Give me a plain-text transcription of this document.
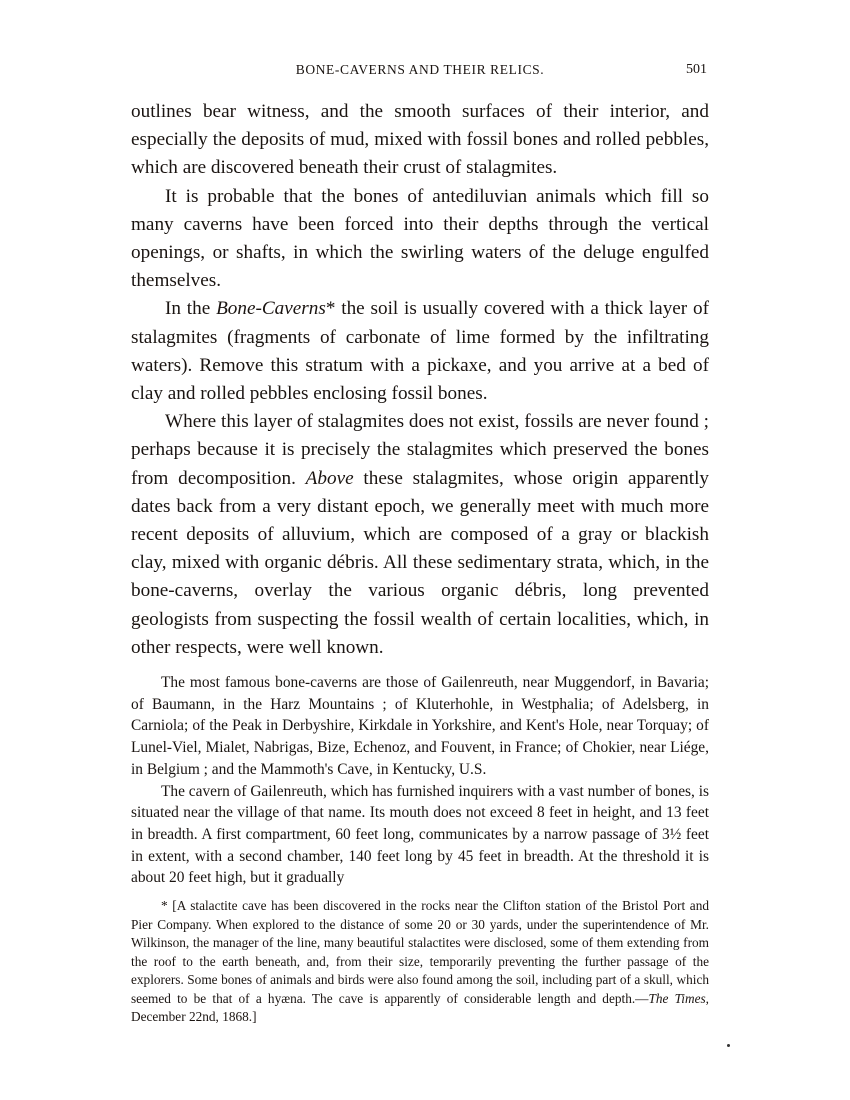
BONE-CAVERNS AND THEIR RELICS.	501

outlines bear witness, and the smooth surfaces of their interior, and especially the deposits of mud, mixed with fossil bones and rolled pebbles, which are discovered beneath their crust of stalagmites.

It is probable that the bones of antediluvian animals which fill so many caverns have been forced into their depths through the vertical openings, or shafts, in which the swirling waters of the deluge engulfed themselves.

In the Bone-Caverns* the soil is usually covered with a thick layer of stalagmites (fragments of carbonate of lime formed by the infiltrating waters). Remove this stratum with a pickaxe, and you arrive at a bed of clay and rolled pebbles enclosing fossil bones.

Where this layer of stalagmites does not exist, fossils are never found ; perhaps because it is precisely the stalagmites which preserved the bones from decomposition. Above these stalagmites, whose origin apparently dates back from a very distant epoch, we generally meet with much more recent deposits of alluvium, which are composed of a gray or blackish clay, mixed with organic débris. All these sedimentary strata, which, in the bone-caverns, overlay the various organic débris, long prevented geologists from suspecting the fossil wealth of certain localities, which, in other respects, were well known.

The most famous bone-caverns are those of Gailenreuth, near Muggendorf, in Bavaria; of Baumann, in the Harz Mountains ; of Kluterhohle, in Westphalia; of Adelsberg, in Carniola; of the Peak in Derbyshire, Kirkdale in Yorkshire, and Kent's Hole, near Torquay; of Lunel-Viel, Mialet, Nabrigas, Bize, Echenoz, and Fouvent, in France; of Chokier, near Liége, in Belgium ; and the Mammoth's Cave, in Kentucky, U.S.

The cavern of Gailenreuth, which has furnished inquirers with a vast number of bones, is situated near the village of that name. Its mouth does not exceed 8 feet in height, and 13 feet in breadth. A first compartment, 60 feet long, communicates by a narrow passage of 3½ feet in extent, with a second chamber, 140 feet long by 45 feet in breadth. At the threshold it is about 20 feet high, but it gradually

* [A stalactite cave has been discovered in the rocks near the Clifton station of the Bristol Port and Pier Company. When explored to the distance of some 20 or 30 yards, under the superintendence of Mr. Wilkinson, the manager of the line, many beautiful stalactites were disclosed, some of them extending from the roof to the earth beneath, and, from their size, temporarily preventing the further passage of the explorers. Some bones of animals and birds were also found among the soil, including part of a skull, which seemed to be that of a hyæna. The cave is apparently of considerable length and depth.—The Times, December 22nd, 1868.]
